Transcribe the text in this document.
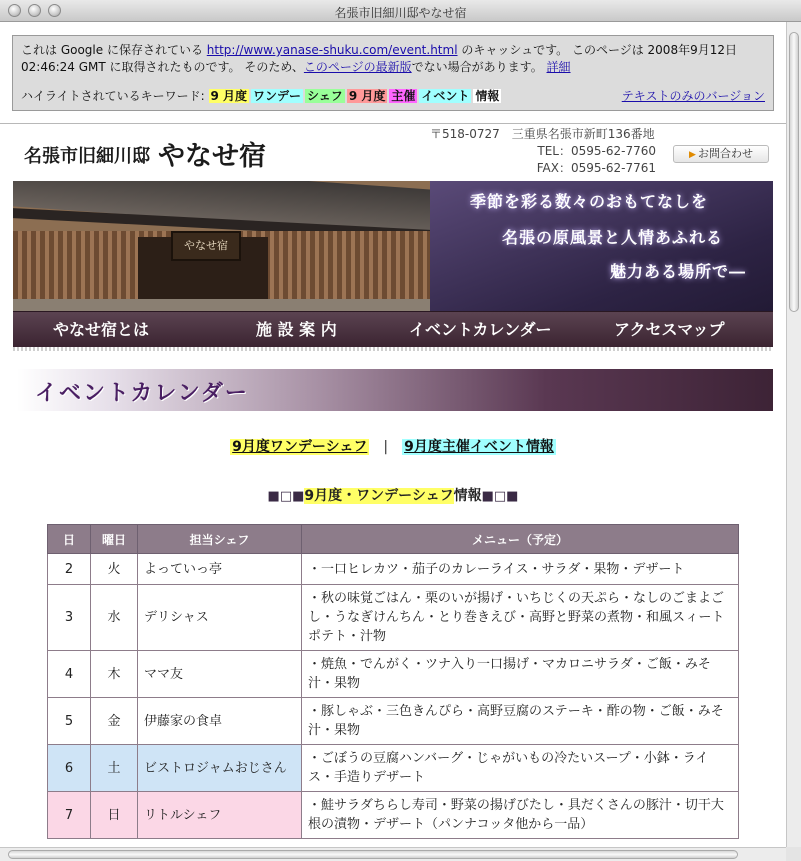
名張市旧細川邸やなせ宿
これは Google に保存されている http://www.yanase-shuku.com/event.html のキャッシュです。 このページは 2008年9月12日
02:46:24 GMT に取得されたものです。 そのため、このページの最新版でない場合があります。 詳細
ハイライトされているキーワード: 9 月度 ワンデー シェフ 9 月度 主催 イベント 情報	テキストのみのバージョン
名張市旧細川邸 やなせ宿
〒518-0727　三重県名張市新町136番地
TEL：0595-62-7760
FAX：0595-62-7761
▶ お問合わせ
やなせ宿
季節を彩る数々のおもてなしを
名張の原風景と人情あふれる
魅力ある場所で―
やなせ宿とは	施 設 案 内	イベントカレンダー	アクセスマップ
イベントカレンダー
9月度ワンデーシェフ | 9月度主催イベント情報
■□■9月度・ワンデーシェフ情報■□■
日	曜日	担当シェフ	メニュー（予定）
2	火	よっていっ亭	・一口ヒレカツ・茄子のカレーライス・サラダ・果物・デザート
3	水	デリシャス	・秋の味覚ごはん・栗のいが揚げ・いちじくの天ぷら・なしのごまよごし・うなぎけんちん・とり巻きえび・高野と野菜の煮物・和風スィートポテト・汁物
4	木	ママ友	・焼魚・でんがく・ツナ入り一口揚げ・マカロニサラダ・ご飯・みそ汁・果物
5	金	伊藤家の食卓	・豚しゃぶ・三色きんぴら・高野豆腐のステーキ・酢の物・ご飯・みそ汁・果物
6	土	ビストロジャムおじさん	・ごぼうの豆腐ハンバーグ・じゃがいもの冷たいスープ・小鉢・ライス・手造りデザート
7	日	リトルシェフ	・鮭サラダちらし寿司・野菜の揚げびたし・具だくさんの豚汁・切干大根の漬物・デザート（パンナコッタ他から一品）
